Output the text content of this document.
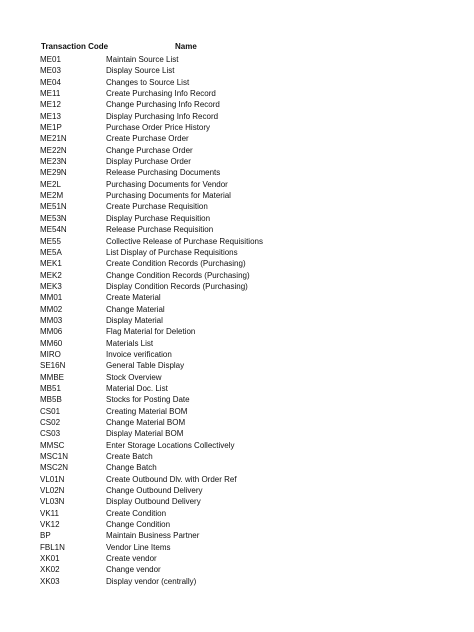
Transaction Code	Name
ME01	Maintain Source List
ME03	Display Source List
ME04	Changes to Source List
ME11	Create Purchasing Info Record
ME12	Change Purchasing Info Record
ME13	Display Purchasing Info Record
ME1P	Purchase Order Price History
ME21N	Create Purchase Order
ME22N	Change Purchase Order
ME23N	Display Purchase Order
ME29N	Release Purchasing Documents
ME2L	Purchasing Documents for Vendor
ME2M	Purchasing Documents for Material
ME51N	Create Purchase Requisition
ME53N	Display Purchase Requisition
ME54N	Release Purchase Requisition
ME55	Collective Release of Purchase Requisitions
ME5A	List Display of Purchase Requisitions
MEK1	Create Condition Records (Purchasing)
MEK2	Change Condition Records (Purchasing)
MEK3	Display Condition Records (Purchasing)
MM01	Create Material
MM02	Change Material
MM03	Display Material
MM06	Flag Material for Deletion
MM60	Materials List
MIRO	Invoice verification
SE16N	General Table Display
MMBE	Stock Overview
MB51	Material Doc. List
MB5B	Stocks for Posting Date
CS01	Creating Material BOM
CS02	Change Material BOM
CS03	Display Material BOM
MMSC	Enter Storage Locations Collectively
MSC1N	Create Batch
MSC2N	Change Batch
VL01N	Create Outbound Dlv. with Order Ref
VL02N	Change Outbound Delivery
VL03N	Display Outbound Delivery
VK11	Create Condition
VK12	Change Condition
BP	Maintain Business Partner
FBL1N	Vendor Line Items
XK01	Create vendor
XK02	Change vendor
XK03	Display vendor (centrally)
